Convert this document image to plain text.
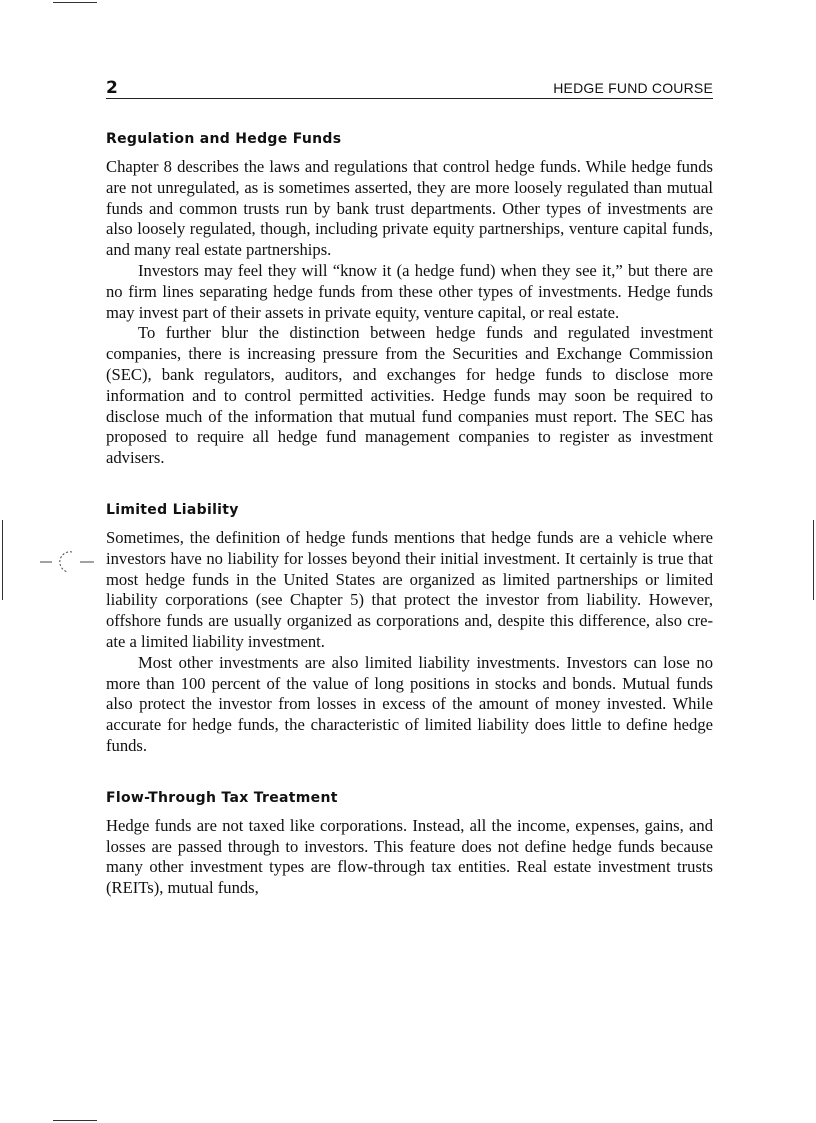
2	HEDGE FUND COURSE
Regulation and Hedge Funds

Chapter 8 describes the laws and regulations that control hedge funds. While hedge funds are not unregulated, as is sometimes asserted, they are more loosely regulated than mutual funds and common trusts run by bank trust departments. Other types of investments are also loosely regulated, though, including private equity partnerships, venture capital funds, and many real estate partnerships.

Investors may feel they will “know it (a hedge fund) when they see it,” but there are no firm lines separating hedge funds from these other types of investments. Hedge funds may invest part of their assets in private equity, venture capital, or real estate.

To further blur the distinction between hedge funds and regulated investment companies, there is increasing pressure from the Securities and Exchange Commission (SEC), bank regulators, auditors, and exchanges for hedge funds to disclose more information and to control permitted activities. Hedge funds may soon be required to disclose much of the information that mutual fund companies must report. The SEC has proposed to require all hedge fund management companies to register as investment advisers.

Limited Liability

Sometimes, the definition of hedge funds mentions that hedge funds are a vehicle where investors have no liability for losses beyond their initial investment. It certainly is true that most hedge funds in the United States are organized as limited partnerships or limited liability corporations (see Chapter 5) that protect the investor from liability. However, offshore funds are usually organized as corporations and, despite this difference, also create a limited liability investment.

Most other investments are also limited liability investments. Investors can lose no more than 100 percent of the value of long positions in stocks and bonds. Mutual funds also protect the investor from losses in excess of the amount of money invested. While accurate for hedge funds, the characteristic of limited liability does little to define hedge funds.

Flow-Through Tax Treatment

Hedge funds are not taxed like corporations. Instead, all the income, expenses, gains, and losses are passed through to investors. This feature does not define hedge funds because many other investment types are flow-through tax entities. Real estate investment trusts (REITs), mutual funds,
